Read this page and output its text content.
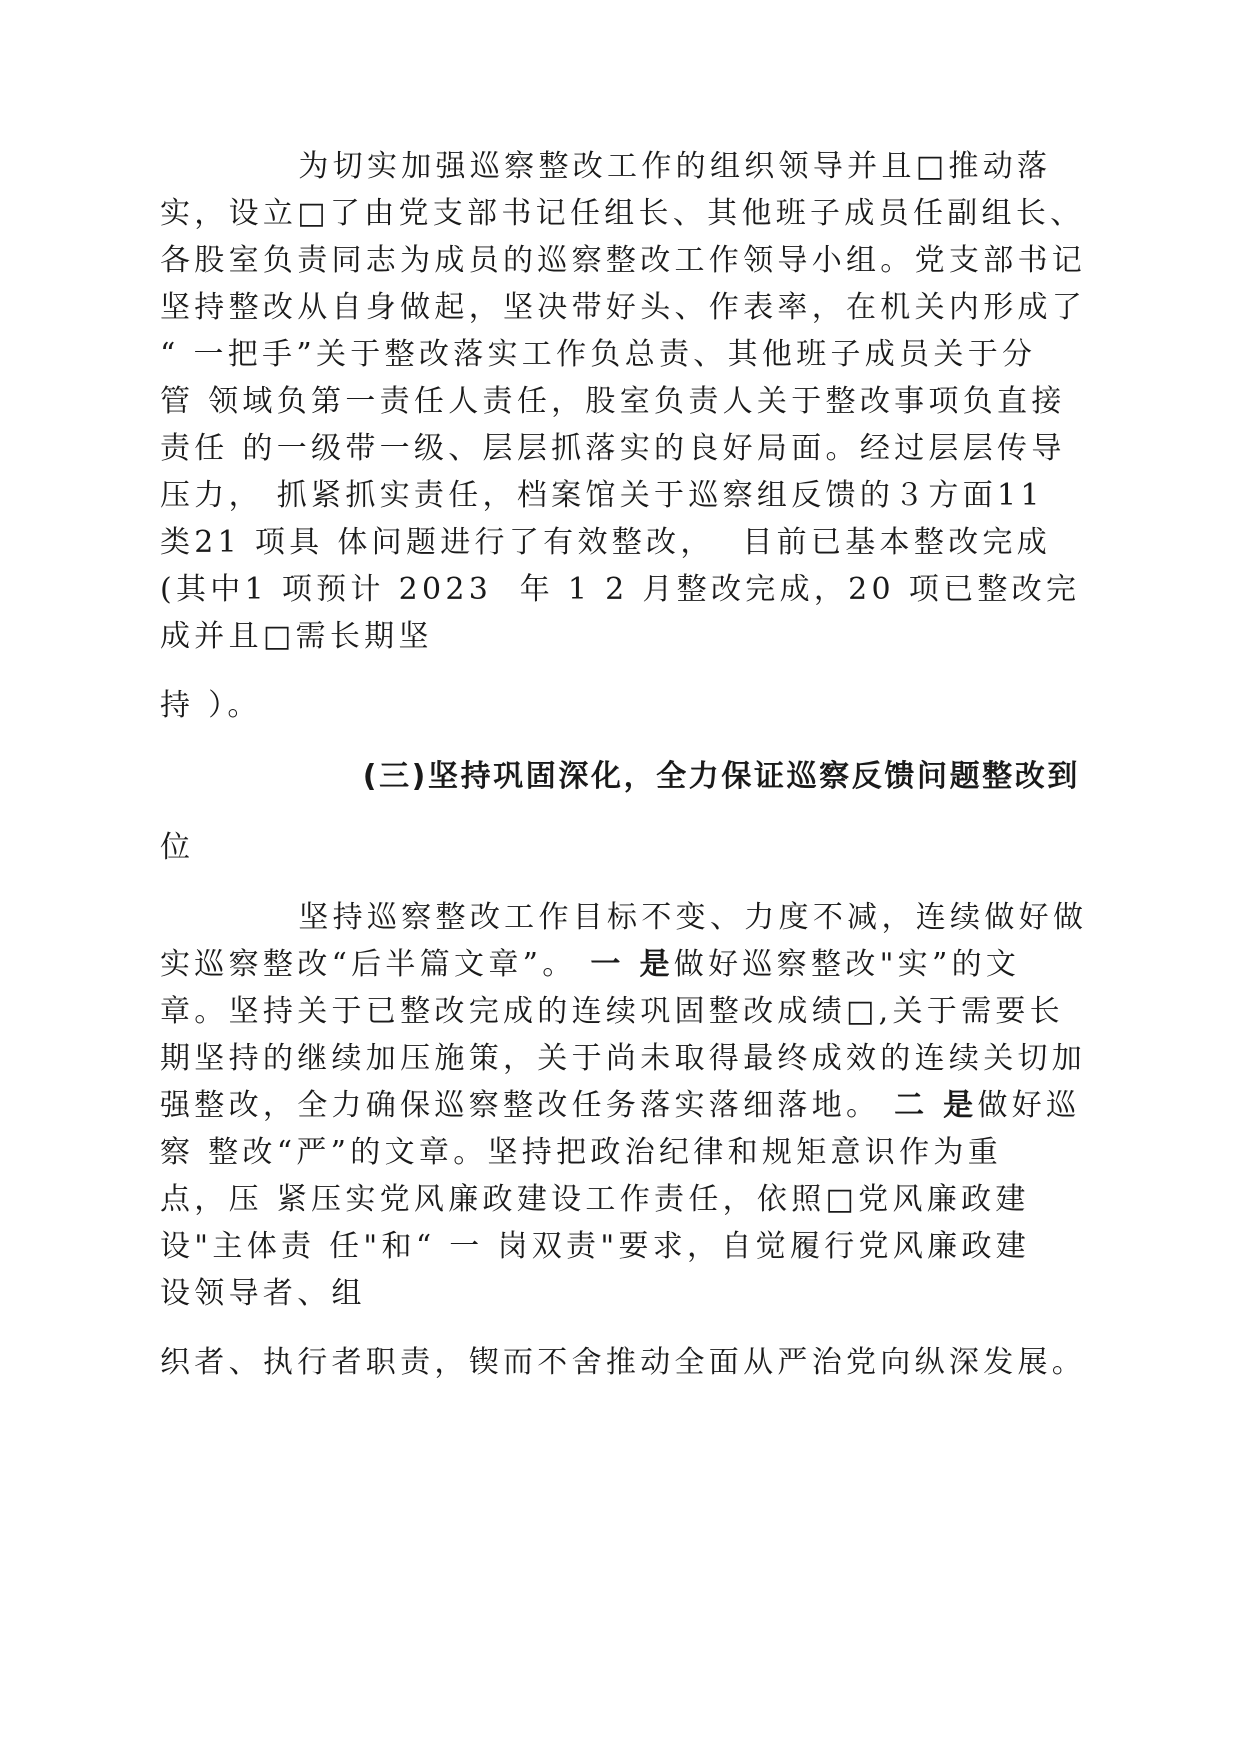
为切实加强巡察整改工作的组织领导并且□推动落
实，设立□了由党支部书记任组长、其他班子成员任副组长、
各股室负责同志为成员的巡察整改工作领导小组。党支部书记
坚持整改从自身做起，坚决带好头、作表率，在机关内形成了
“ 一把手”关于整改落实工作负总责、其他班子成员关于分
管 领域负第一责任人责任，股室负责人关于整改事项负直接
责任 的一级带一级、层层抓落实的良好局面。经过层层传导
压力， 抓紧抓实责任，档案馆关于巡察组反馈的３方面11
类21 项具 体问题进行了有效整改，  目前已基本整改完成
(其中1 项预计 2023  年 1 2 月整改完成，20 项已整改完
成并且□需长期坚
持 ）。
(三)坚持巩固深化，全力保证巡察反馈问题整改到
位
坚持巡察整改工作目标不变、力度不减，连续做好做
实巡察整改“后半篇文章”。 一 是做好巡察整改"实”的文
章。坚持关于已整改完成的连续巩固整改成绩□,关于需要长
期坚持的继续加压施策，关于尚未取得最终成效的连续关切加
强整改，全力确保巡察整改任务落实落细落地。 二 是做好巡
察 整改“严”的文章。坚持把政治纪律和规矩意识作为重
点，压 紧压实党风廉政建设工作责任，依照□党风廉政建
设"主体责 任"和“ 一 岗双责"要求，自觉履行党风廉政建
设领导者、组
织者、执行者职责，锲而不舍推动全面从严治党向纵深发展。
